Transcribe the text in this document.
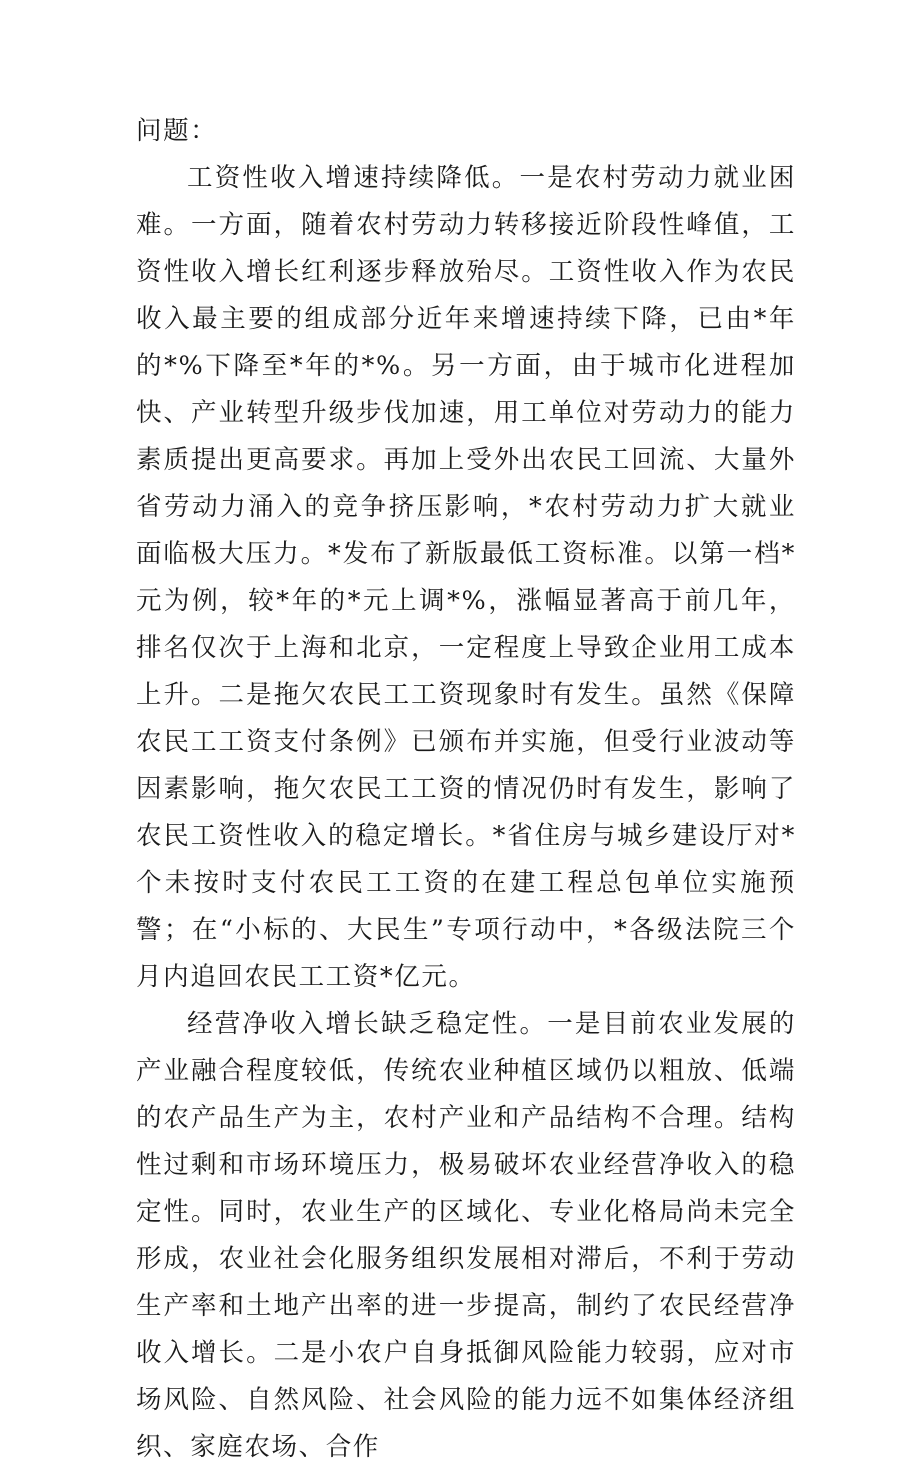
问题：

工资性收入增速持续降低。一是农村劳动力就业困难。一方面，随着农村劳动力转移接近阶段性峰值，工资性收入增长红利逐步释放殆尽。工资性收入作为农民收入最主要的组成部分近年来增速持续下降，已由*年的*%下降至*年的*%。另一方面，由于城市化进程加快、产业转型升级步伐加速，用工单位对劳动力的能力素质提出更高要求。再加上受外出农民工回流、大量外省劳动力涌入的竞争挤压影响，*农村劳动力扩大就业面临极大压力。*发布了新版最低工资标准。以第一档*元为例，较*年的*元上调*%，涨幅显著高于前几年，排名仅次于上海和北京，一定程度上导致企业用工成本上升。二是拖欠农民工工资现象时有发生。虽然《保障农民工工资支付条例》已颁布并实施，但受行业波动等因素影响，拖欠农民工工资的情况仍时有发生，影响了农民工资性收入的稳定增长。*省住房与城乡建设厅对*个未按时支付农民工工资的在建工程总包单位实施预警；在“小标的、大民生”专项行动中，*各级法院三个月内追回农民工工资*亿元。

经营净收入增长缺乏稳定性。一是目前农业发展的产业融合程度较低，传统农业种植区域仍以粗放、低端的农产品生产为主，农村产业和产品结构不合理。结构性过剩和市场环境压力，极易破坏农业经营净收入的稳定性。同时，农业生产的区域化、专业化格局尚未完全形成，农业社会化服务组织发展相对滞后，不利于劳动生产率和土地产出率的进一步提高，制约了农民经营净收入增长。二是小农户自身抵御风险能力较弱，应对市场风险、自然风险、社会风险的能力远不如集体经济组织、家庭农场、合作
